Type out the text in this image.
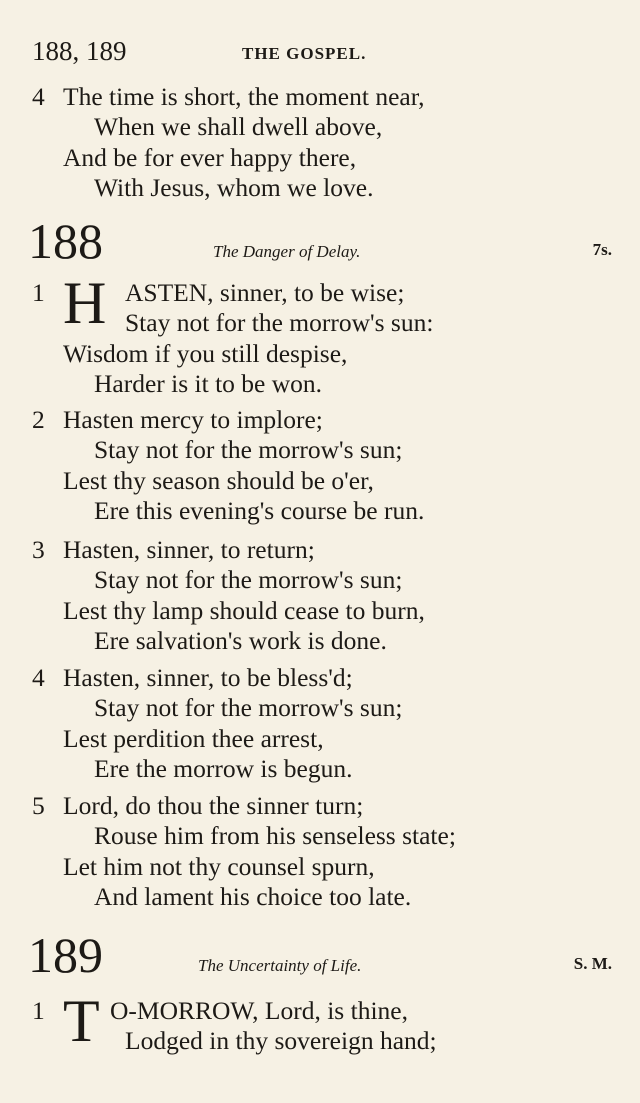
188, 189	THE GOSPEL.
4 The time is short, the moment near,
When we shall dwell above,
And be for ever happy there,
With Jesus, whom we love.
188	The Danger of Delay.	7s.
1 H ASTEN, sinner, to be wise;
Stay not for the morrow's sun:
Wisdom if you still despise,
Harder is it to be won.
2 Hasten mercy to implore;
Stay not for the morrow's sun;
Lest thy season should be o'er,
Ere this evening's course be run.
3 Hasten, sinner, to return;
Stay not for the morrow's sun;
Lest thy lamp should cease to burn,
Ere salvation's work is done.
4 Hasten, sinner, to be bless'd;
Stay not for the morrow's sun;
Lest perdition thee arrest,
Ere the morrow is begun.
5 Lord, do thou the sinner turn;
Rouse him from his senseless state;
Let him not thy counsel spurn,
And lament his choice too late.
189	The Uncertainty of Life.	S. M.
1 T O-MORROW, Lord, is thine,
Lodged in thy sovereign hand;
